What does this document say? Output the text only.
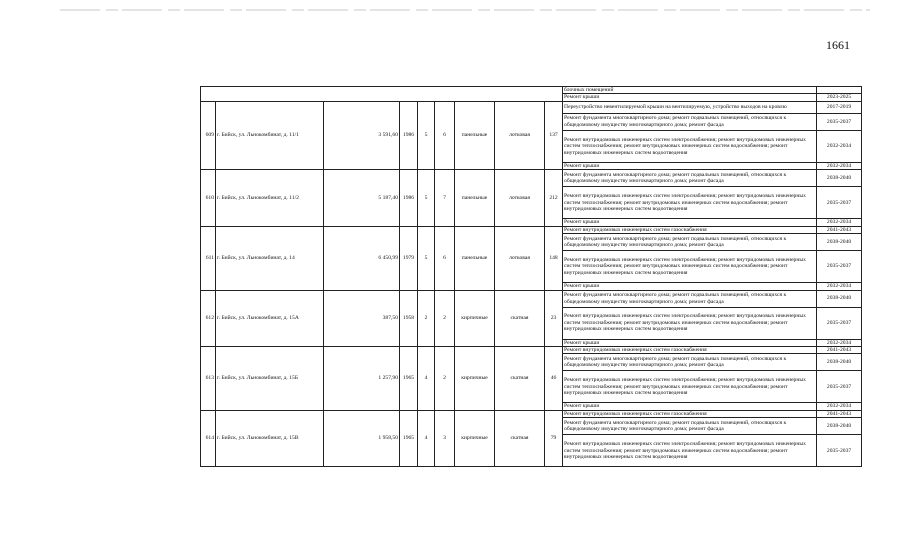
1661
									блочных помещений	
									Ремонт крыши	2023-2025
609	г. Бийск, ул. Льнокомбинат, д. 11/1	3 591,60	1986	5	6	панельные	лотковая	137	Переустройство невентилируемой крыши на вентилируемую, устройство выходов на кровлю	2017-2019
									Ремонт фундамента многоквартирного дома; ремонт подвальных помещений, относящихся к общедомовому имуществу многоквартирного дома; ремонт фасада	2035-2037
									Ремонт внутридомовых инженерных систем электроснабжения; ремонт внутридомовых инженерных систем теплоснабжения; ремонт внутридомовых инженерных систем водоснабжения; ремонт внутридомовых инженерных систем водоотведения	2032-2034
									Ремонт крыши	2032-2034
610	г. Бийск, ул. Льнокомбинат, д. 11/2	5 187,40	1986	5	7	панельные	лотковая	212	Ремонт фундамента многоквартирного дома; ремонт подвальных помещений, относящихся к общедомовому имуществу многоквартирного дома; ремонт фасада	2038-2040
									Ремонт внутридомовых инженерных систем электроснабжения; ремонт внутридомовых инженерных систем теплоснабжения; ремонт внутридомовых инженерных систем водоснабжения; ремонт внутридомовых инженерных систем водоотведения	2035-2037
									Ремонт крыши	2032-2034
611	г. Бийск, ул. Льнокомбинат, д. 14	6 450,99	1979	5	6	панельные	лотковая	148	Ремонт внутридомовых инженерных систем газоснабжения	2041-2043
									Ремонт фундамента многоквартирного дома; ремонт подвальных помещений, относящихся к общедомовому имуществу многоквартирного дома; ремонт фасада	2038-2040
									Ремонт внутридомовых инженерных систем электроснабжения; ремонт внутридомовых инженерных систем теплоснабжения; ремонт внутридомовых инженерных систем водоснабжения; ремонт внутридомовых инженерных систем водоотведения	2035-2037
									Ремонт крыши	2032-2034
612	г. Бийск, ул. Льнокомбинат, д. 15А	387,50	1958	2	2	кирпичные	скатная	23	Ремонт фундамента многоквартирного дома; ремонт подвальных помещений, относящихся к общедомовому имуществу многоквартирного дома; ремонт фасада	2038-2040
									Ремонт внутридомовых инженерных систем электроснабжения; ремонт внутридомовых инженерных систем теплоснабжения; ремонт внутридомовых инженерных систем водоснабжения; ремонт внутридомовых инженерных систем водоотведения	2035-2037
									Ремонт крыши	2032-2034
613	г. Бийск, ул. Льнокомбинат, д. 15Б	1 257,90	1965	4	2	кирпичные	скатная	46	Ремонт внутридомовых инженерных систем газоснабжения	2041-2043
									Ремонт фундамента многоквартирного дома; ремонт подвальных помещений, относящихся к общедомовому имуществу многоквартирного дома; ремонт фасада	2038-2040
									Ремонт внутридомовых инженерных систем электроснабжения; ремонт внутридомовых инженерных систем теплоснабжения; ремонт внутридомовых инженерных систем водоснабжения; ремонт внутридомовых инженерных систем водоотведения	2035-2037
									Ремонт крыши	2032-2034
614	г. Бийск, ул. Льнокомбинат, д. 15В	1 958,50	1965	4	3	кирпичные	скатная	79	Ремонт внутридомовых инженерных систем газоснабжения	2041-2043
									Ремонт фундамента многоквартирного дома; ремонт подвальных помещений, относящихся к общедомовому имуществу многоквартирного дома; ремонт фасада	2038-2040
									Ремонт внутридомовых инженерных систем электроснабжения; ремонт внутридомовых инженерных систем теплоснабжения; ремонт внутридомовых инженерных систем водоснабжения; ремонт внутридомовых инженерных систем водоотведения	2035-2037
